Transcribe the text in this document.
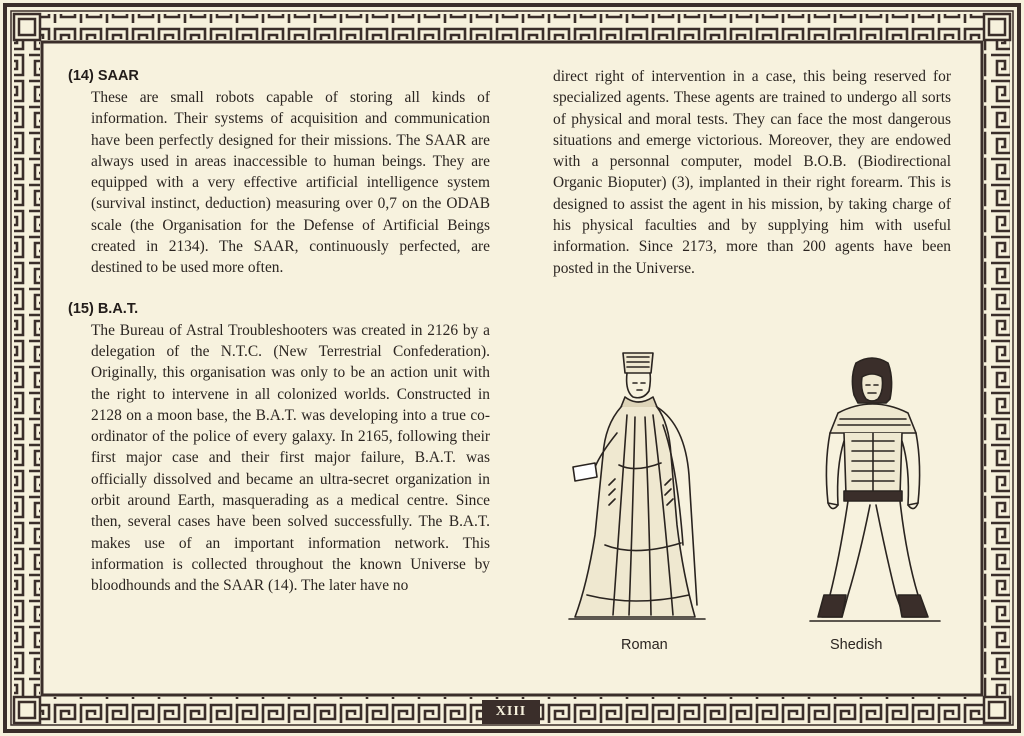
(14) SAAR

These are small robots capable of storing all kinds of information. Their systems of acquisition and communication have been perfectly designed for their missions. The SAAR are always used in areas inaccessible to human beings. They are equipped with a very effective artificial intelligence system (survival instinct, deduction) measuring over 0,7 on the ODAB scale (the Organisation for the Defense of Artificial Beings created in 2134). The SAAR, continuously perfected, are destined to be used more often.

(15) B.A.T.

The Bureau of Astral Troubleshooters was created in 2126 by a delegation of the N.T.C. (New Terrestrial Confederation). Originally, this organisation was only to be an action unit with the right to intervene in all colonized worlds. Constructed in 2128 on a moon base, the B.A.T. was developing into a true co-ordinator of the police of every galaxy. In 2165, following their first major case and their first major failure, B.A.T. was officially dissolved and became an ultra-secret organization in orbit around Earth, masquerading as a medical centre. Since then, several cases have been solved successfully. The B.A.T. makes use of an important information network. This information is collected throughout the known Universe by bloodhounds and the SAAR (14). The later have no

direct right of intervention in a case, this being reserved for specialized agents. These agents are trained to undergo all sorts of physical and moral tests. They can face the most dangerous situations and emerge victorious. Moreover, they are endowed with a personnal computer, model B.O.B. (Biodirectional Organic Bioputer) (3), implanted in their right forearm. This is designed to assist the agent in his mission, by taking charge of his physical faculties and by supplying him with useful information. Since 2173, more than 200 agents have been posted in the Universe.

Roman	Shedish
XIII
